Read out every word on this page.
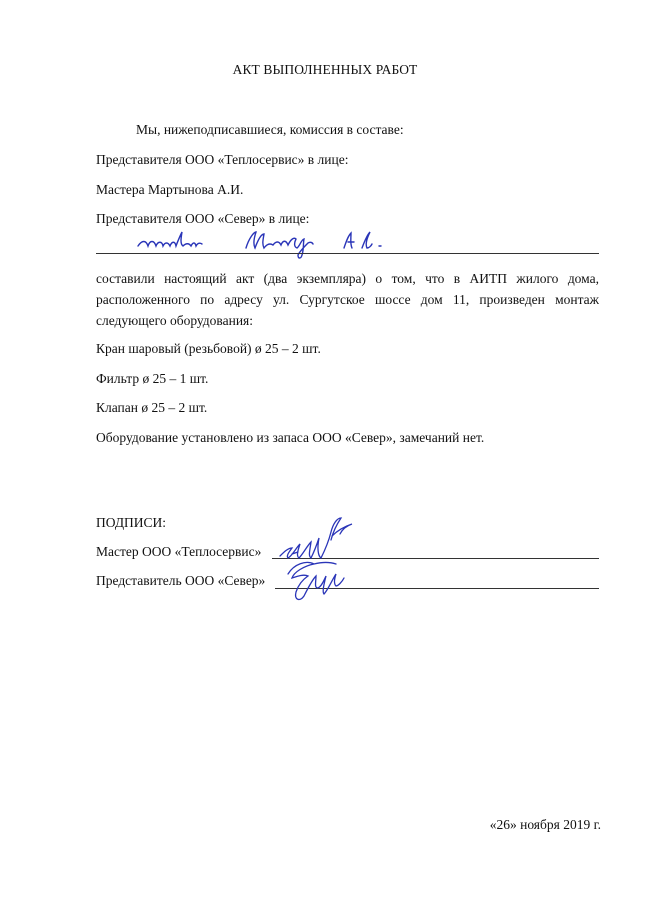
АКТ ВЫПОЛНЕННЫХ РАБОТ
Мы, нижеподписавшиеся, комиссия в составе:
Представителя ООО «Теплосервис» в лице:
Мастера Мартынова А.И.
Представителя ООО «Север» в лице:
составили настоящий акт (два экземпляра) о том, что в АИТП жилого дома, расположенного по адресу ул. Сургутское шоссе дом 11, произведен монтаж следующего оборудования:
Кран шаровый (резьбовой) ø 25 – 2 шт.
Фильтр ø 25 – 1 шт.
Клапан ø 25 – 2 шт.
Оборудование установлено из запаса ООО «Север», замечаний нет.
ПОДПИСИ:
Мастер ООО «Теплосервис»
Представитель ООО «Север»
«26» ноября 2019 г.
